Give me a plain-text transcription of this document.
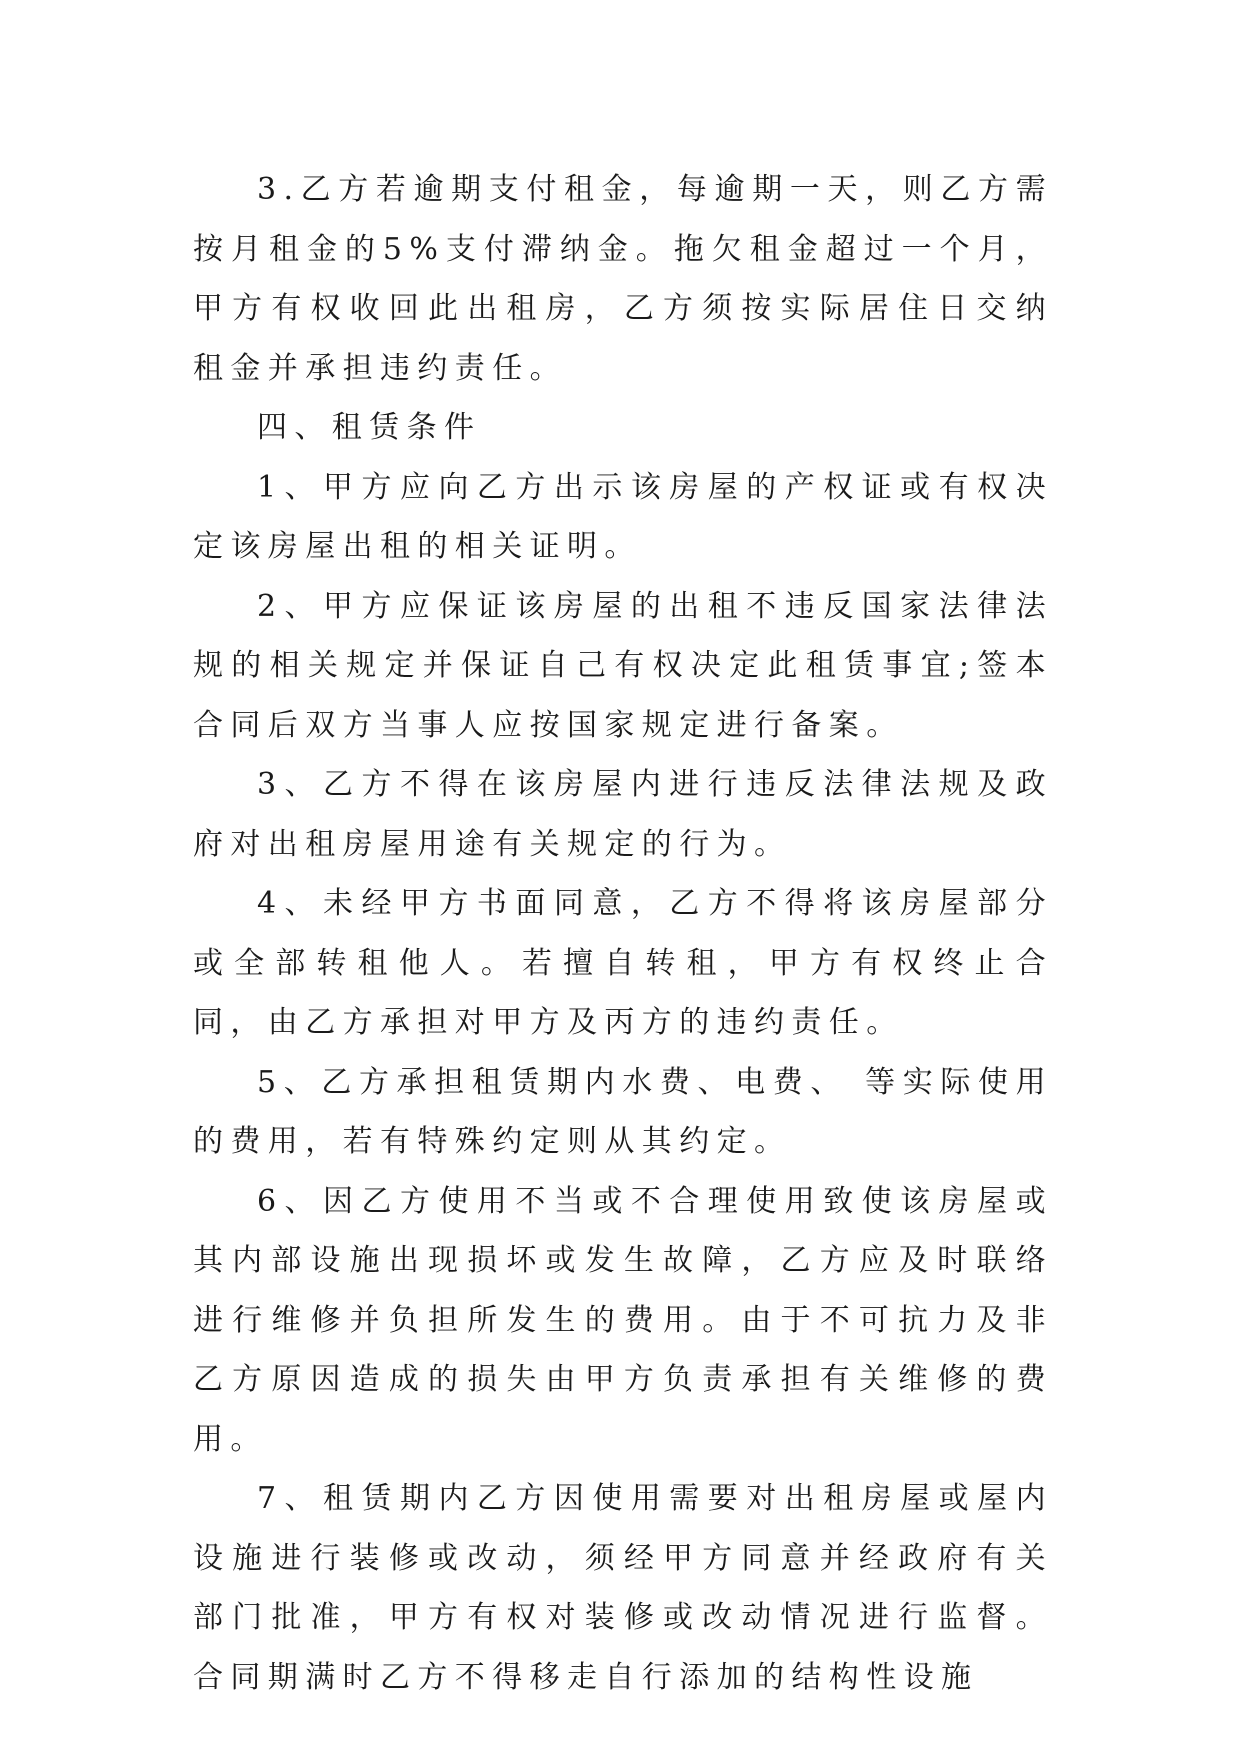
3.乙方若逾期支付租金，每逾期一天，则乙方需按月租金的5%支付滞纳金。拖欠租金超过一个月，甲方有权收回此出租房，乙方须按实际居住日交纳租金并承担违约责任。

四、租赁条件

1、甲方应向乙方出示该房屋的产权证或有权决定该房屋出租的相关证明。

2、甲方应保证该房屋的出租不违反国家法律法规的相关规定并保证自己有权决定此租赁事宜;签本合同后双方当事人应按国家规定进行备案。

3、乙方不得在该房屋内进行违反法律法规及政府对出租房屋用途有关规定的行为。

4、未经甲方书面同意，乙方不得将该房屋部分或全部转租他人。若擅自转租，甲方有权终止合同，由乙方承担对甲方及丙方的违约责任。

5、乙方承担租赁期内水费、电费、 等实际使用的费用，若有特殊约定则从其约定。

6、因乙方使用不当或不合理使用致使该房屋或其内部设施出现损坏或发生故障，乙方应及时联络进行维修并负担所发生的费用。由于不可抗力及非乙方原因造成的损失由甲方负责承担有关维修的费用。

7、租赁期内乙方因使用需要对出租房屋或屋内设施进行装修或改动，须经甲方同意并经政府有关部门批准，甲方有权对装修或改动情况进行监督。合同期满时乙方不得移走自行添加的结构性设施
